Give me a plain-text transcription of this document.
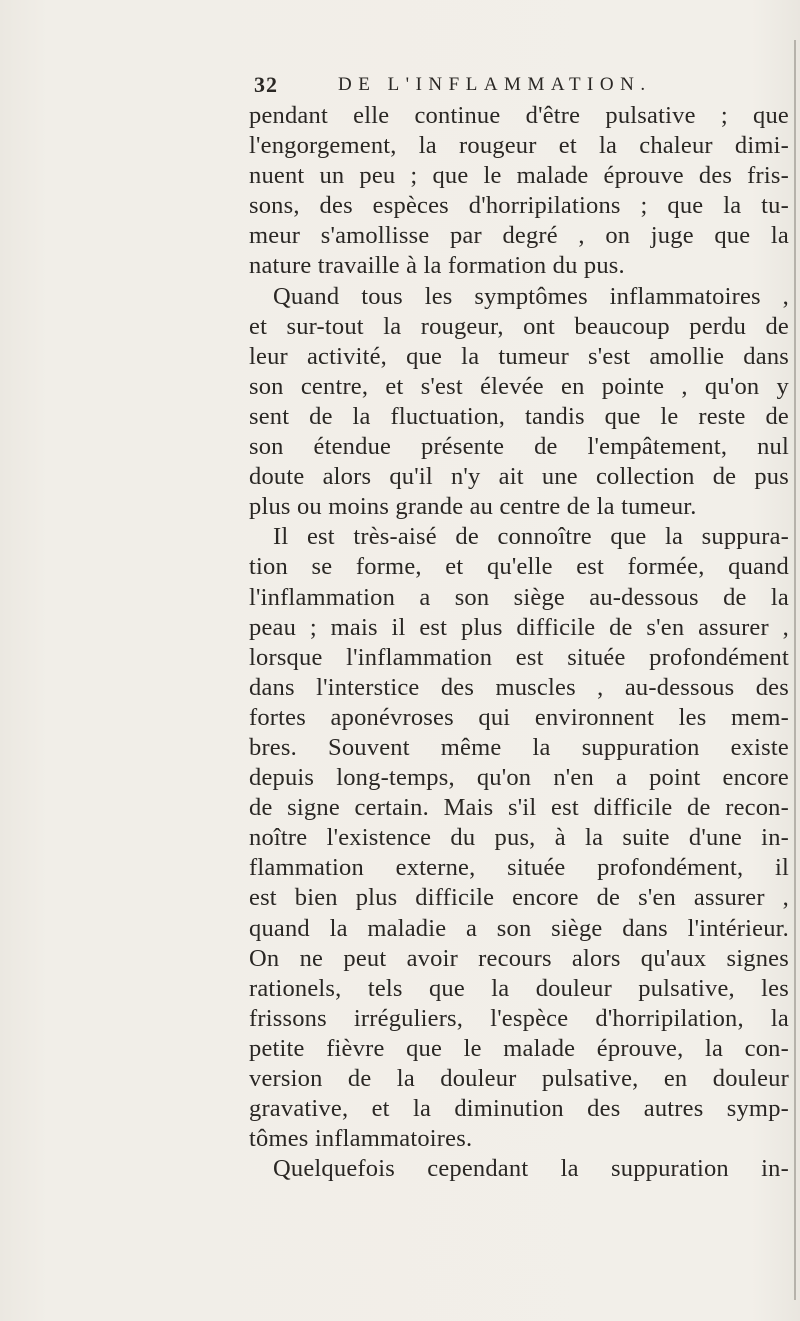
32	DE L'INFLAMMATION.
pendant elle continue d'être pulsative ; que
l'engorgement, la rougeur et la chaleur dimi-
nuent un peu ; que le malade éprouve des fris-
sons, des espèces d'horripilations ; que la tu-
meur s'amollisse par degré , on juge que la
nature travaille à la formation du pus.
Quand tous les symptômes inflammatoires ,
et sur-tout la rougeur, ont beaucoup perdu de
leur activité, que la tumeur s'est amollie dans
son centre, et s'est élevée en pointe , qu'on y
sent de la fluctuation, tandis que le reste de
son étendue présente de l'empâtement, nul
doute alors qu'il n'y ait une collection de pus
plus ou moins grande au centre de la tumeur.
Il est très-aisé de connoître que la suppura-
tion se forme, et qu'elle est formée, quand
l'inflammation a son siège au-dessous de la
peau ; mais il est plus difficile de s'en assurer ,
lorsque l'inflammation est située profondément
dans l'interstice des muscles , au-dessous des
fortes aponévroses qui environnent les mem-
bres. Souvent même la suppuration existe
depuis long-temps, qu'on n'en a point encore
de signe certain. Mais s'il est difficile de recon-
noître l'existence du pus, à la suite d'une in-
flammation externe, située profondément, il
est bien plus difficile encore de s'en assurer ,
quand la maladie a son siège dans l'intérieur.
On ne peut avoir recours alors qu'aux signes
rationels, tels que la douleur pulsative, les
frissons irréguliers, l'espèce d'horripilation, la
petite fièvre que le malade éprouve, la con-
version de la douleur pulsative, en douleur
gravative, et la diminution des autres symp-
tômes inflammatoires.
Quelquefois cependant la suppuration in-
